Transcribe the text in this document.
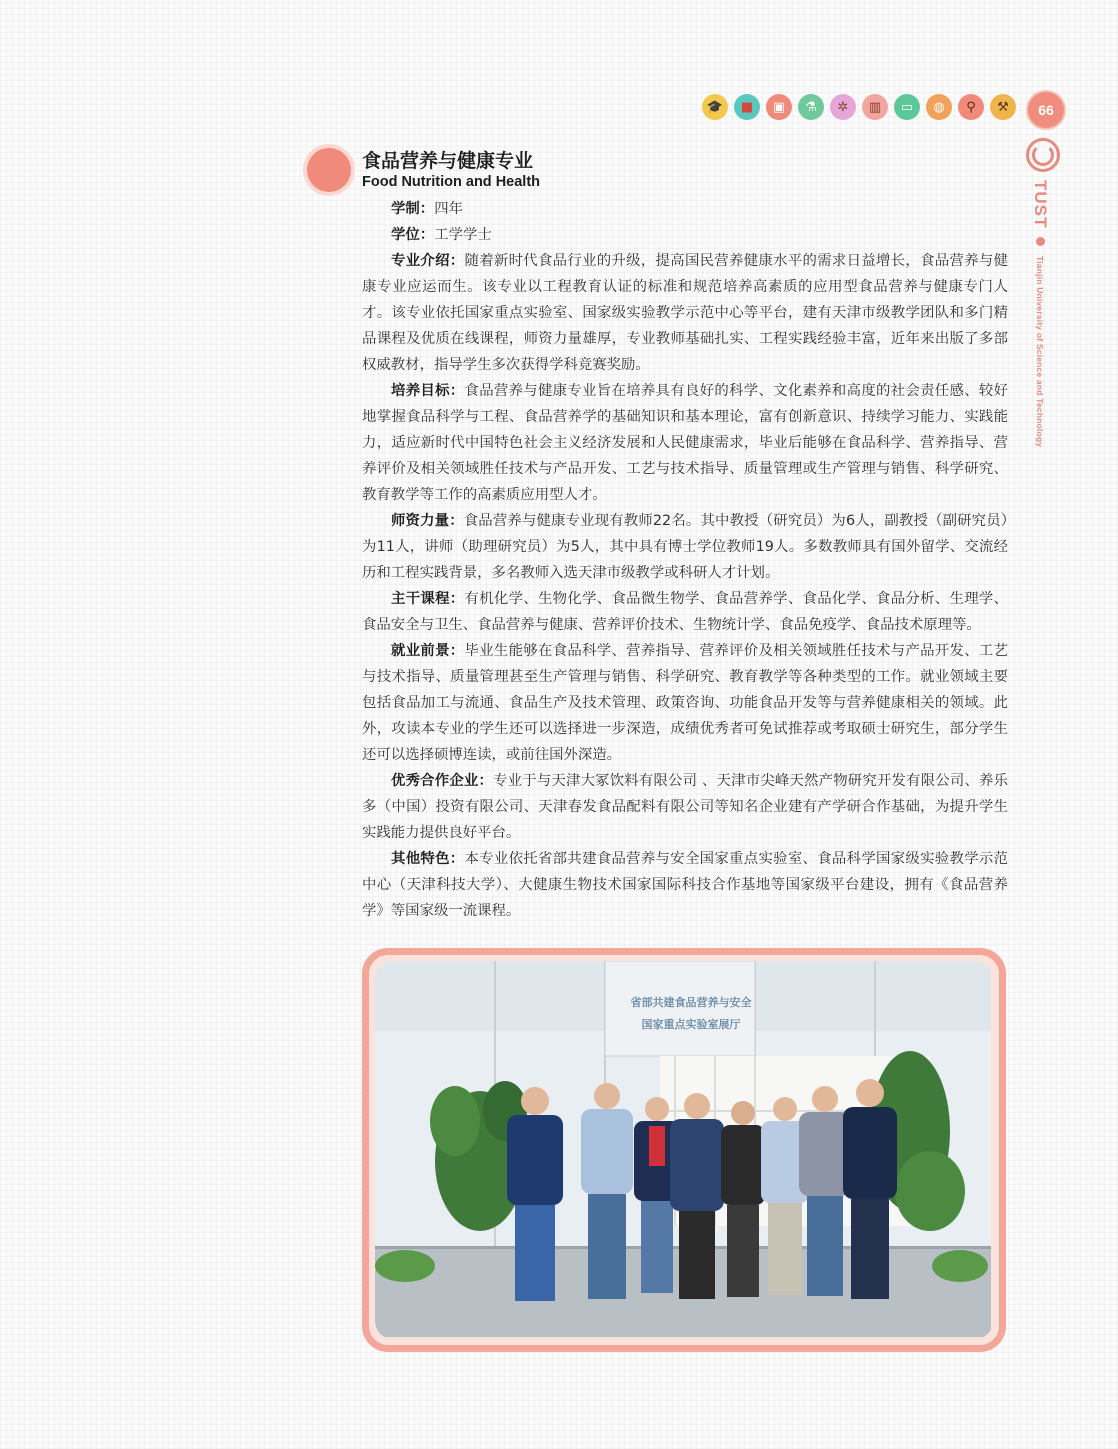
🎓	■	▣	⚗	✲	▥	▭	◍	⚲	⚒	66
TUST  Tianjin University of Science and Technology
食品营养与健康专业
Food Nutrition and Health

学制：四年

学位：工学学士

专业介绍：随着新时代食品行业的升级，提高国民营养健康水平的需求日益增长，食品营养与健康专业应运而生。该专业以工程教育认证的标准和规范培养高素质的应用型食品营养与健康专门人才。该专业依托国家重点实验室、国家级实验教学示范中心等平台，建有天津市级教学团队和多门精品课程及优质在线课程，师资力量雄厚，专业教师基础扎实、工程实践经验丰富，近年来出版了多部权威教材，指导学生多次获得学科竞赛奖励。

培养目标：食品营养与健康专业旨在培养具有良好的科学、文化素养和高度的社会责任感、较好地掌握食品科学与工程、食品营养学的基础知识和基本理论，富有创新意识、持续学习能力、实践能力，适应新时代中国特色社会主义经济发展和人民健康需求，毕业后能够在食品科学、营养指导、营养评价及相关领域胜任技术与产品开发、工艺与技术指导、质量管理或生产管理与销售、科学研究、教育教学等工作的高素质应用型人才。

师资力量：食品营养与健康专业现有教师22名。其中教授（研究员）为6人，副教授（副研究员）为11人，讲师（助理研究员）为5人，其中具有博士学位教师19人。多数教师具有国外留学、交流经历和工程实践背景，多名教师入选天津市级教学或科研人才计划。

主干课程：有机化学、生物化学、食品微生物学、食品营养学、食品化学、食品分析、生理学、食品安全与卫生、食品营养与健康、营养评价技术、生物统计学、食品免疫学、食品技术原理等。

就业前景：毕业生能够在食品科学、营养指导、营养评价及相关领域胜任技术与产品开发、工艺与技术指导、质量管理甚至生产管理与销售、科学研究、教育教学等各种类型的工作。就业领域主要包括食品加工与流通、食品生产及技术管理、政策咨询、功能食品开发等与营养健康相关的领域。此外，攻读本专业的学生还可以选择进一步深造，成绩优秀者可免试推荐或考取硕士研究生，部分学生还可以选择硕博连读，或前往国外深造。

优秀合作企业：专业于与天津大冢饮料有限公司 、天津市尖峰天然产物研究开发有限公司、养乐多（中国）投资有限公司、天津春发食品配料有限公司等知名企业建有产学研合作基础，为提升学生实践能力提供良好平台。

其他特色：本专业依托省部共建食品营养与安全国家重点实验室、食品科学国家级实验教学示范中心（天津科技大学）、大健康生物技术国家国际科技合作基地等国家级平台建设，拥有《食品营养学》等国家级一流课程。

省部共建食品营养与安全
国家重点实验室展厅
